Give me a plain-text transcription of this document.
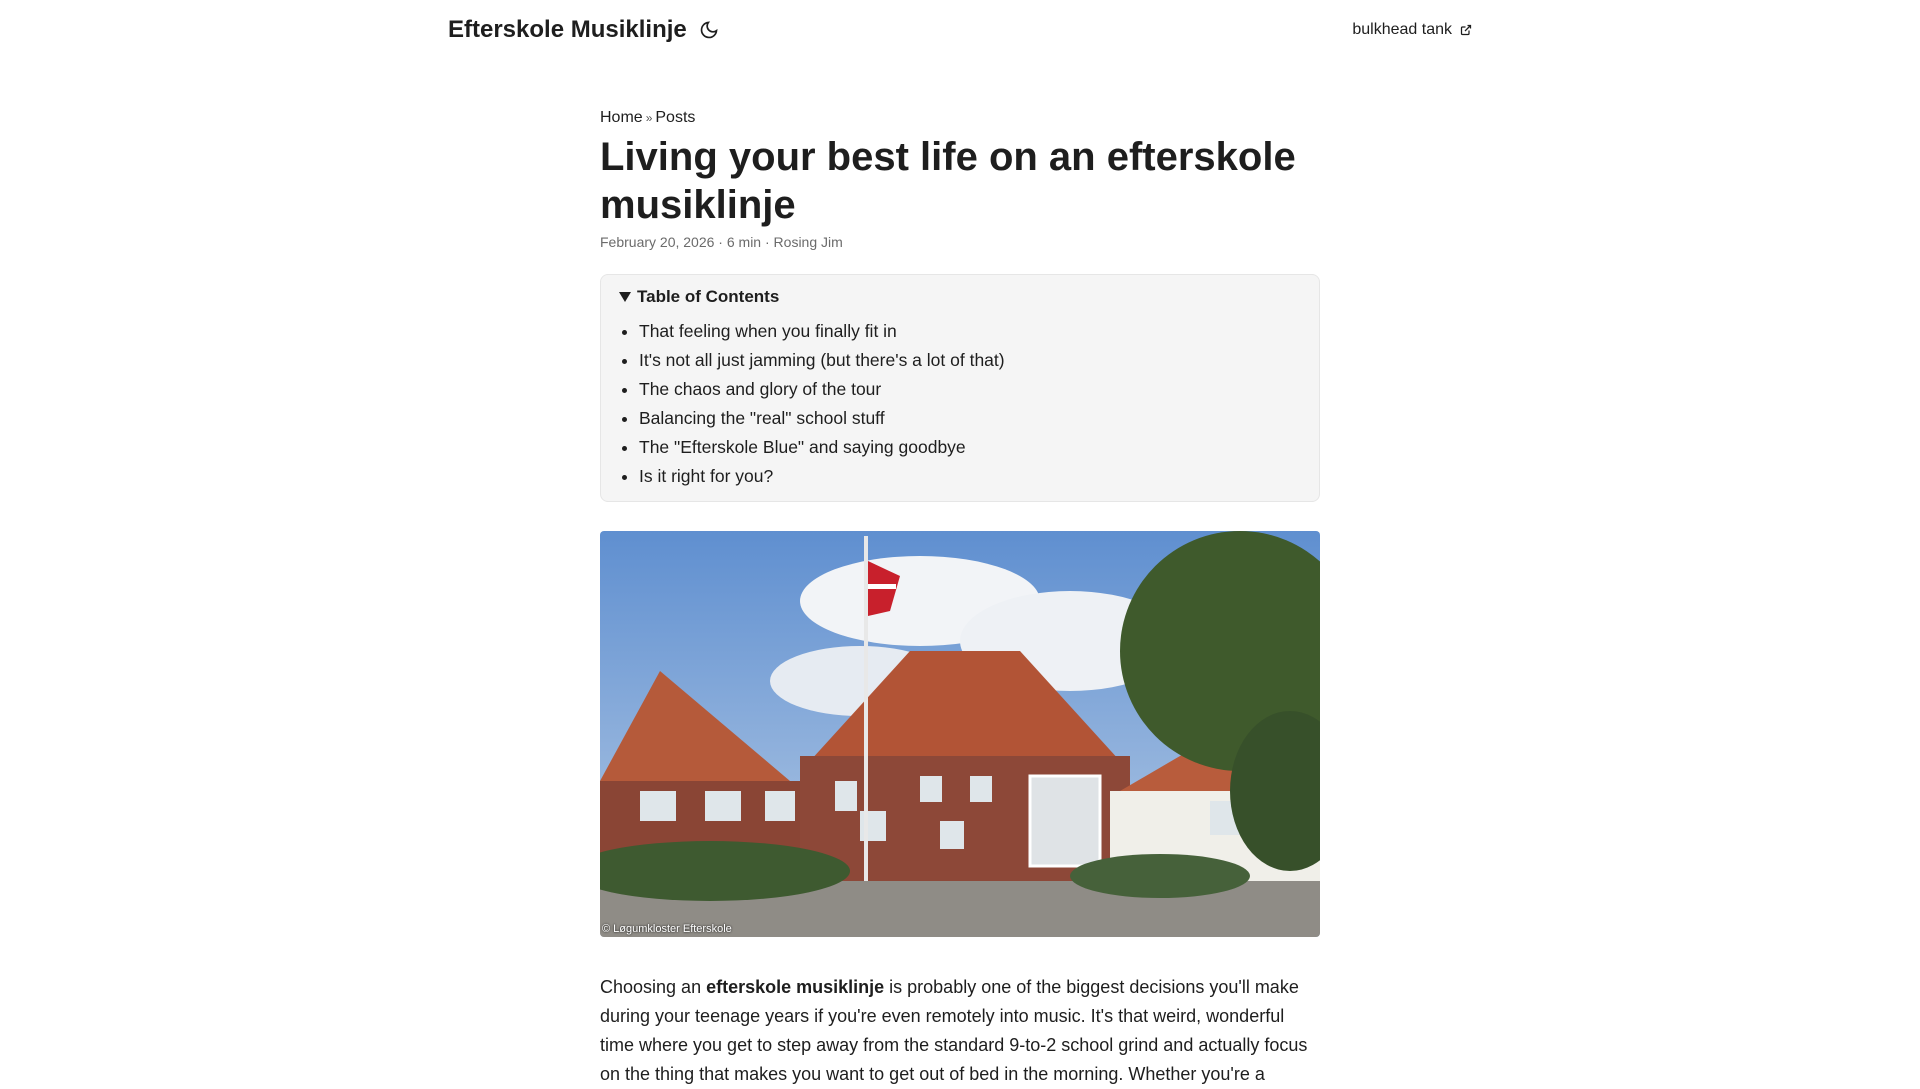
Efterskole Musiklinje	bulkhead tank
Home » Posts
Living your best life on an efterskole musiklinje
February 20, 2026 · 6 min · Rosing Jim
Table of Contents
• That feeling when you finally fit in
• It's not all just jamming (but there's a lot of that)
• The chaos and glory of the tour
• Balancing the "real" school stuff
• The "Efterskole Blue" and saying goodbye
• Is it right for you?
© Løgumkloster Efterskole

Choosing an efterskole musiklinje is probably one of the biggest decisions you'll make during your teenage years if you're even remotely into music. It's that weird, wonderful time where you get to step away from the standard 9-to-2 school grind and actually focus on the thing that makes you want to get out of bed in the morning. Whether you're a
